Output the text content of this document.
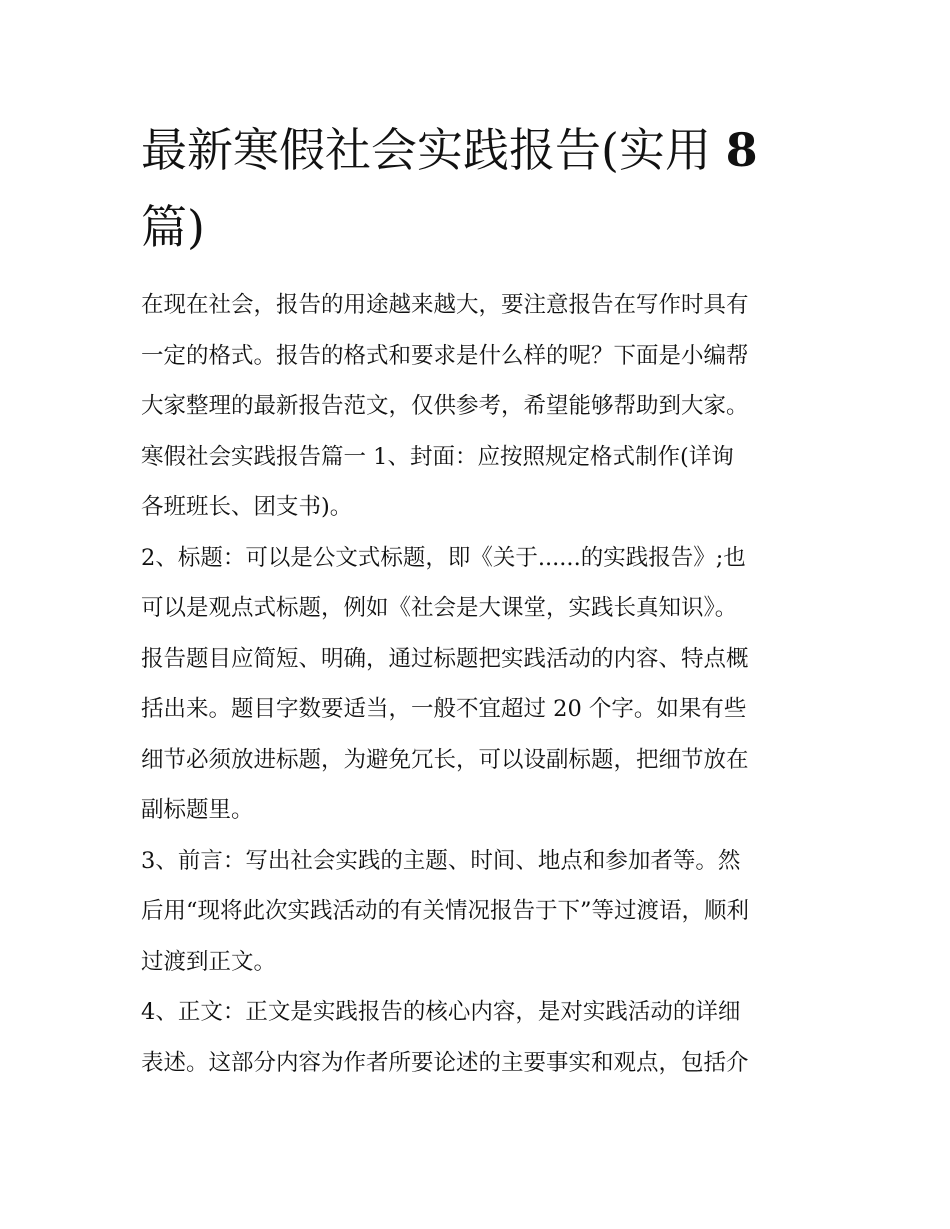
最新寒假社会实践报告(实用 8
篇)

在现在社会，报告的用途越来越大，要注意报告在写作时具有

一定的格式。报告的格式和要求是什么样的呢？下面是小编帮

大家整理的最新报告范文，仅供参考，希望能够帮助到大家。

寒假社会实践报告篇一 1、封面：应按照规定格式制作(详询

各班班长、团支书)。

2、标题：可以是公文式标题，即《关于......的实践报告》;也

可以是观点式标题，例如《社会是大课堂，实践长真知识》。

报告题目应简短、明确，通过标题把实践活动的内容、特点概

括出来。题目字数要适当，一般不宜超过 20 个字。如果有些

细节必须放进标题，为避免冗长，可以设副标题，把细节放在

副标题里。

3、前言：写出社会实践的主题、时间、地点和参加者等。然

后用“现将此次实践活动的有关情况报告于下”等过渡语，顺利

过渡到正文。

4、正文：正文是实践报告的核心内容，是对实践活动的详细

表述。这部分内容为作者所要论述的主要事实和观点，包括介
